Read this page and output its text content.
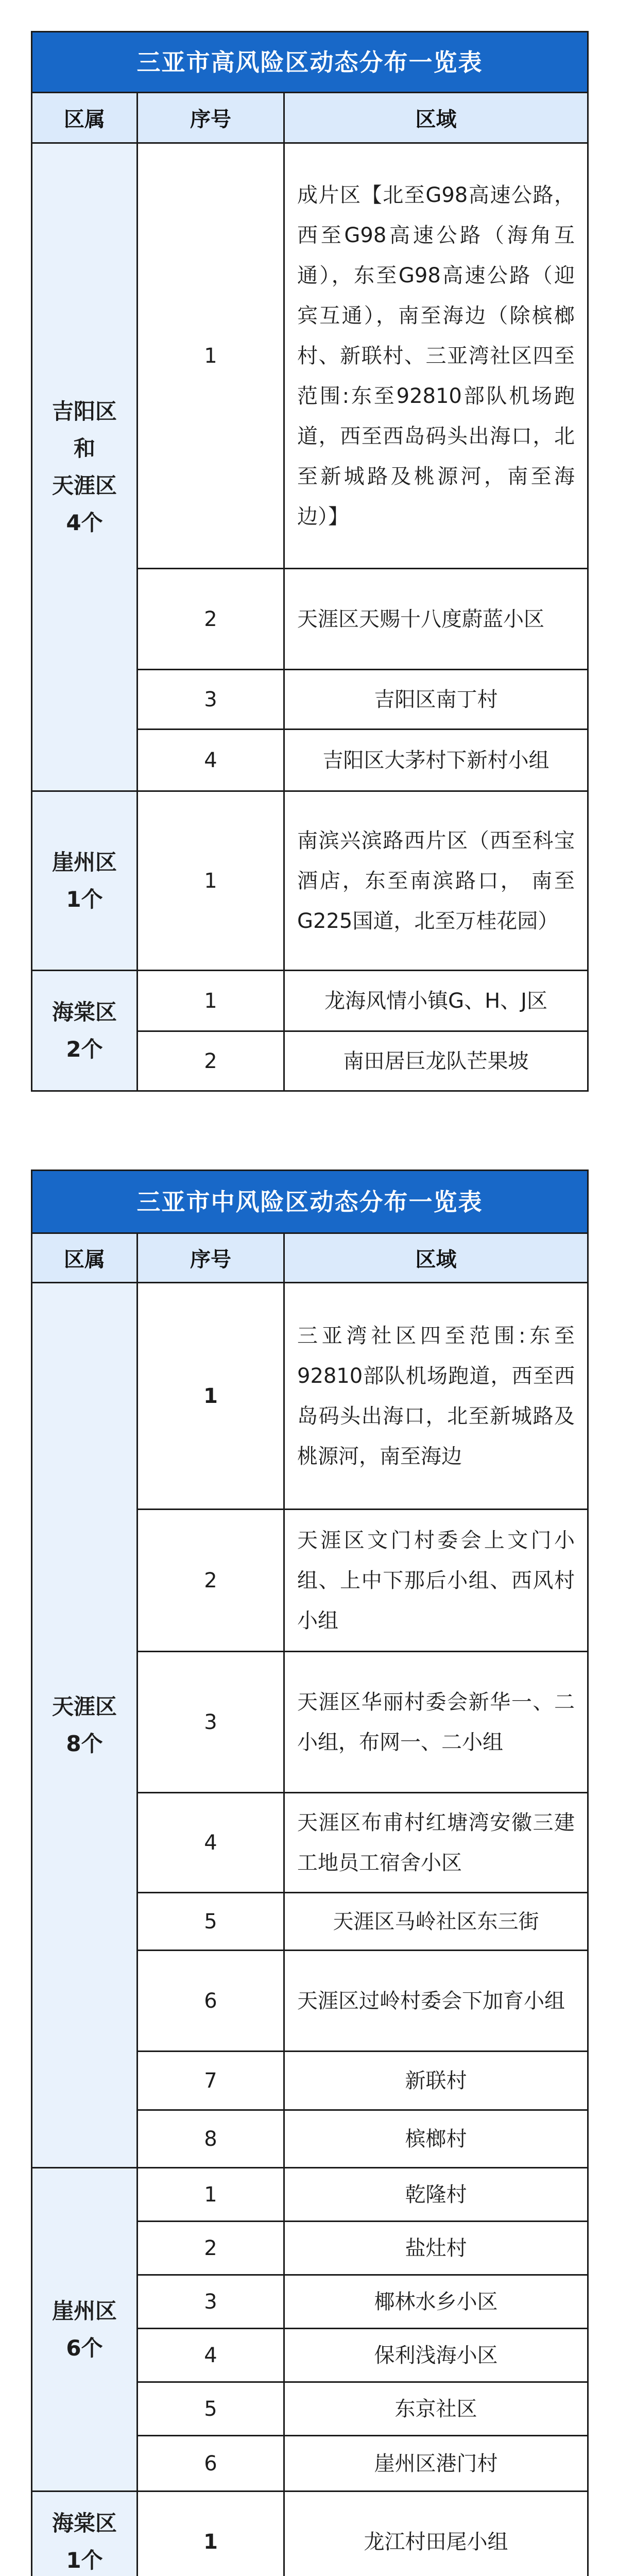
三亚市高风险区动态分布一览表		
区属	序号	区域
吉阳区
和
天涯区
4个	1	成片区【北至G98高速公路，西至G98高速公路（海角互通），东至G98高速公路（迎宾互通），南至海边（除槟榔村、新联村、三亚湾社区四至范围:东至92810部队机场跑道，西至西岛码头出海口，北至新城路及桃源河，南至海边）】
	2	天涯区天赐十八度蔚蓝小区
	3	吉阳区南丁村
	4	吉阳区大茅村下新村小组
崖州区
1个	1	南滨兴滨路西片区（西至科宝酒店，东至南滨路口， 南至G225国道，北至万桂花园）
海棠区
2个	1	龙海风情小镇G、H、J区
	2	南田居巨龙队芒果坡
三亚市中风险区动态分布一览表		
区属	序号	区域
天涯区
8个	1	三亚湾社区四至范围:东至92810部队机场跑道，西至西岛码头出海口，北至新城路及桃源河，南至海边
	2	天涯区文门村委会上文门小组、上中下那后小组、西风村小组
	3	天涯区华丽村委会新华一、二小组，布网一、二小组
	4	天涯区布甫村红塘湾安徽三建工地员工宿舍小区
	5	天涯区马岭社区东三街
	6	天涯区过岭村委会下加育小组
	7	新联村
	8	槟榔村
崖州区
6个	1	乾隆村
	2	盐灶村
	3	椰林水乡小区
	4	保利浅海小区
	5	东京社区
	6	崖州区港门村
海棠区
1个	1	龙江村田尾小组
